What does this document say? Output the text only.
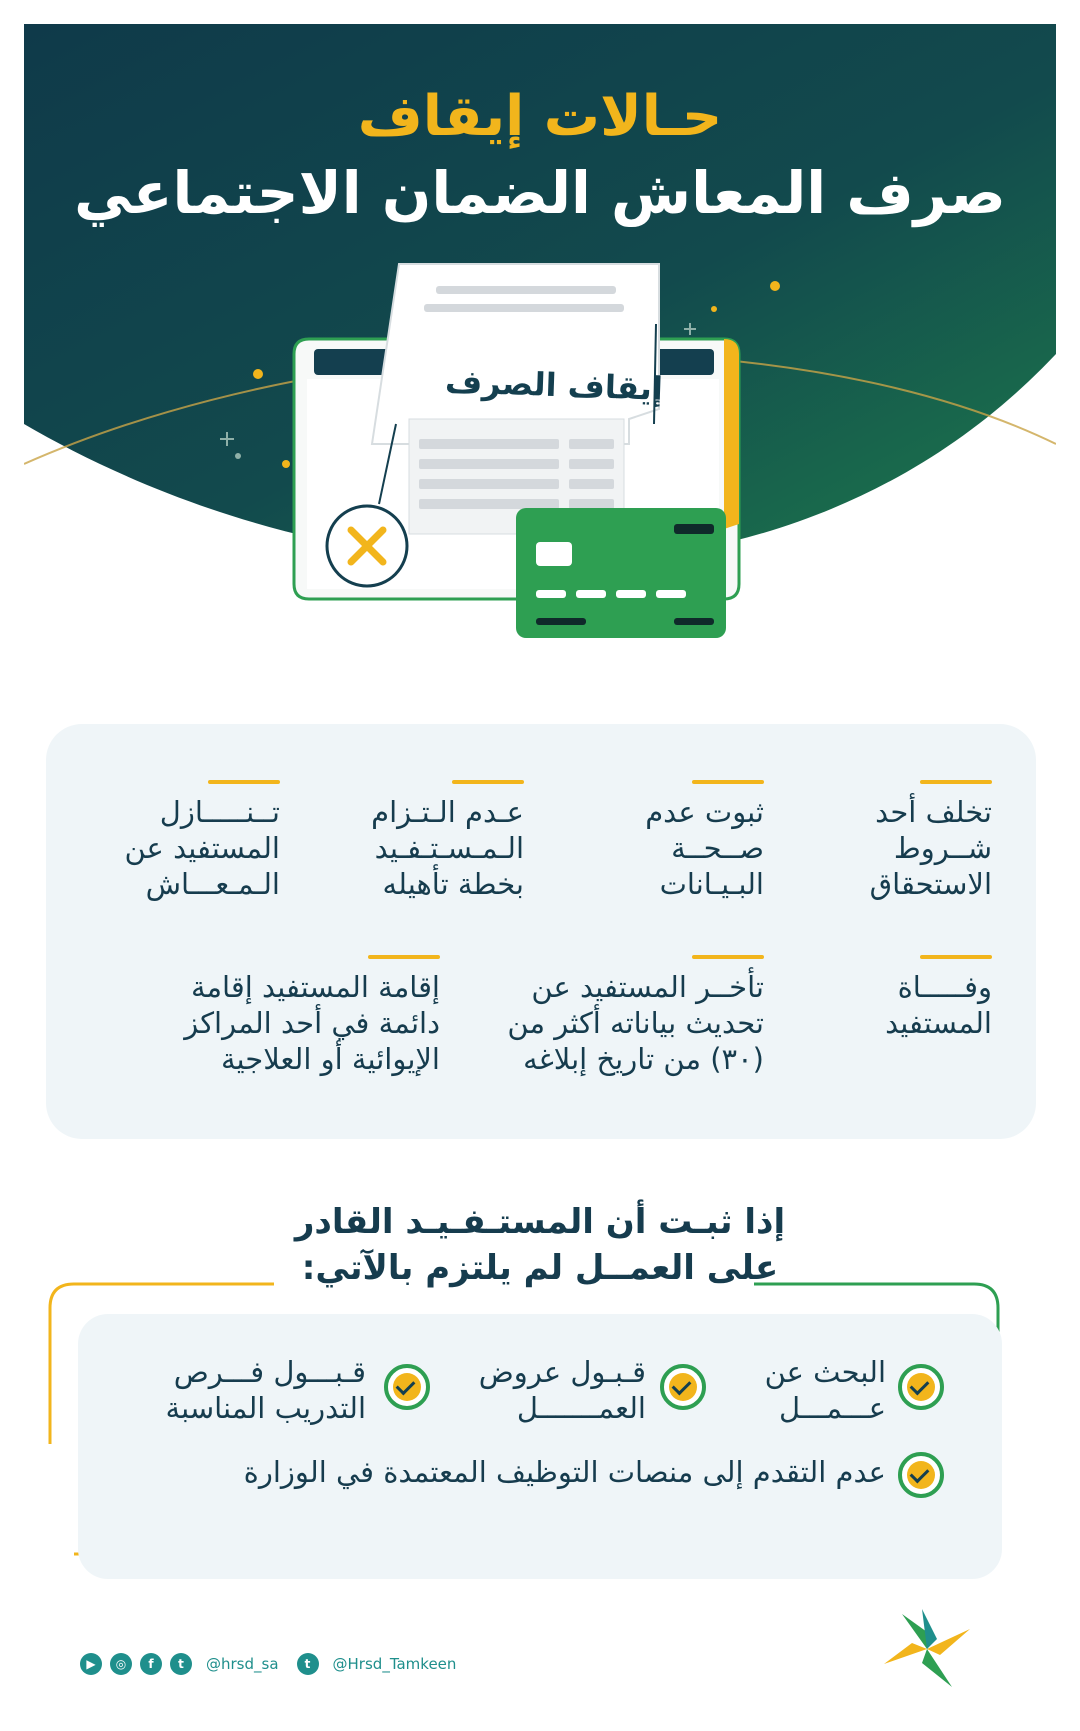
حـالات إيقاف
صرف المعاش الضمان الاجتماعي
إيقاف الصرف
تخلف أحد
شــروط
الاستحقاق
ثبوت عدم
صــحــة
البـيـانات
عـدم الـتـزام
الـمـسـتـفـيد
بخطة تأهيله
تــنـــــازل
المستفيد عن
الـمـعـــاش
وفـــــاة
المستفيد
تأخــر المستفيد عن
تحديث بياناته أكثر من
(٣٠) من تاريخ إبلاغه
إقامة المستفيد إقامة
دائمة في أحد المراكز
الإيوائية أو العلاجية
إذا ثبـت أن المستـفـيـد القادر
على العمــل لم يلتزم بالآتي:
البحث عن
عـــمـــل
قـبـول عروض
العمـــــــل
قـبـــول فـــرص
التدريب المناسبة
عدم التقدم إلى منصات التوظيف المعتمدة في الوزارة
▶	◎	f	t	@hrsd_sa	t	@Hrsd_Tamkeen
